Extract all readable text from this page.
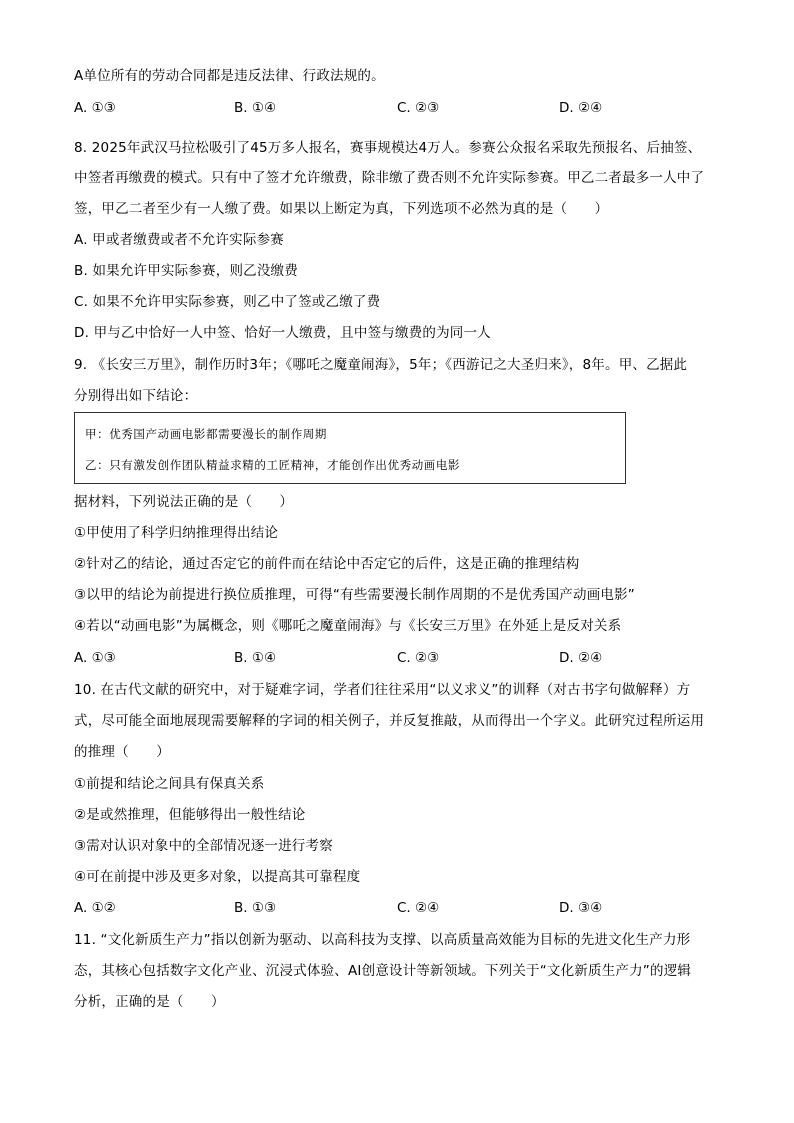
A单位所有的劳动合同都是违反法律、行政法规的。
A. ①③	B. ①④	C. ②③	D. ②④
8. 2025年武汉马拉松吸引了45万多人报名，赛事规模达4万人。参赛公众报名采取先预报名、后抽签、
中签者再缴费的模式。只有中了签才允许缴费，除非缴了费否则不允许实际参赛。甲乙二者最多一人中了
签，甲乙二者至少有一人缴了费。如果以上断定为真，下列选项不必然为真的是（　　）
A. 甲或者缴费或者不允许实际参赛
B. 如果允许甲实际参赛，则乙没缴费
C. 如果不允许甲实际参赛，则乙中了签或乙缴了费
D. 甲与乙中恰好一人中签、恰好一人缴费，且中签与缴费的为同一人
9. 《长安三万里》，制作历时3年；《哪吒之魔童闹海》，5年；《西游记之大圣归来》，8年。甲、乙据此
分别得出如下结论：
甲：优秀国产动画电影都需要漫长的制作周期
乙：只有激发创作团队精益求精的工匠精神，才能创作出优秀动画电影
据材料，下列说法正确的是（　　）
①甲使用了科学归纳推理得出结论
②针对乙的结论，通过否定它的前件而在结论中否定它的后件，这是正确的推理结构
③以甲的结论为前提进行换位质推理，可得“有些需要漫长制作周期的不是优秀国产动画电影”
④若以“动画电影”为属概念，则《哪吒之魔童闹海》与《长安三万里》在外延上是反对关系
A. ①③	B. ①④	C. ②③	D. ②④
10. 在古代文献的研究中，对于疑难字词，学者们往往采用“以义求义”的训释（对古书字句做解释）方
式，尽可能全面地展现需要解释的字词的相关例子，并反复推敲，从而得出一个字义。此研究过程所运用
的推理（　　）
①前提和结论之间具有保真关系
②是或然推理，但能够得出一般性结论
③需对认识对象中的全部情况逐一进行考察
④可在前提中涉及更多对象，以提高其可靠程度
A. ①②	B. ①③	C. ②④	D. ③④
11. “文化新质生产力”指以创新为驱动、以高科技为支撑、以高质量高效能为目标的先进文化生产力形
态，其核心包括数字文化产业、沉浸式体验、AI创意设计等新领域。下列关于“文化新质生产力”的逻辑
分析，正确的是（　　）
